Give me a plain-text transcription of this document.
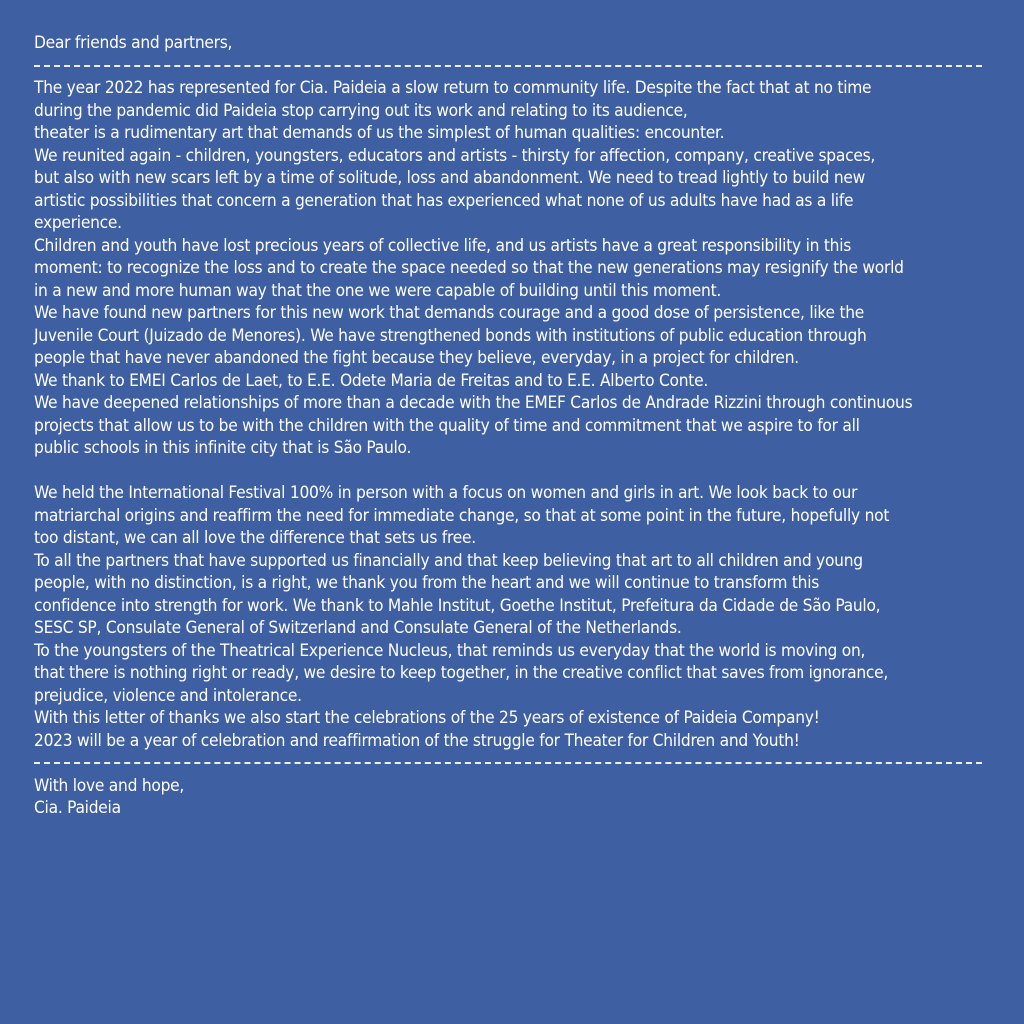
Dear friends and partners,
The year 2022 has represented for Cia. Paideia a slow return to community life. Despite the fact that at no time
during the pandemic did Paideia stop carrying out its work and relating to its audience,
theater is a rudimentary art that demands of us the simplest of human qualities: encounter.
We reunited again - children, youngsters, educators and artists - thirsty for affection, company, creative spaces,
but also with new scars left by a time of solitude, loss and abandonment. We need to tread lightly to build new
artistic possibilities that concern a generation that has experienced what none of us adults have had as a life
experience.
Children and youth have lost precious years of collective life, and us artists have a great responsibility in this
moment: to recognize the loss and to create the space needed so that the new generations may resignify the world
in a new and more human way that the one we were capable of building until this moment.
We have found new partners for this new work that demands courage and a good dose of persistence, like the
Juvenile Court (Juizado de Menores). We have strengthened bonds with institutions of public education through
people that have never abandoned the fight because they believe, everyday, in a project for children.
We thank to EMEI Carlos de Laet, to E.E. Odete Maria de Freitas and to E.E. Alberto Conte.
We have deepened relationships of more than a decade with the EMEF Carlos de Andrade Rizzini through continuous
projects that allow us to be with the children with the quality of time and commitment that we aspire to for all
public schools in this infinite city that is São Paulo.
We held the International Festival 100% in person with a focus on women and girls in art. We look back to our
matriarchal origins and reaffirm the need for immediate change, so that at some point in the future, hopefully not
too distant, we can all love the difference that sets us free.
To all the partners that have supported us financially and that keep believing that art to all children and young
people, with no distinction, is a right, we thank you from the heart and we will continue to transform this
confidence into strength for work. We thank to Mahle Institut, Goethe Institut, Prefeitura da Cidade de São Paulo,
SESC SP, Consulate General of Switzerland and Consulate General of the Netherlands.
To the youngsters of the Theatrical Experience Nucleus, that reminds us everyday that the world is moving on,
that there is nothing right or ready, we desire to keep together, in the creative conflict that saves from ignorance,
prejudice, violence and intolerance.
With this letter of thanks we also start the celebrations of the 25 years of existence of Paideia Company!
2023 will be a year of celebration and reaffirmation of the struggle for Theater for Children and Youth!
With love and hope,
Cia. Paideia
